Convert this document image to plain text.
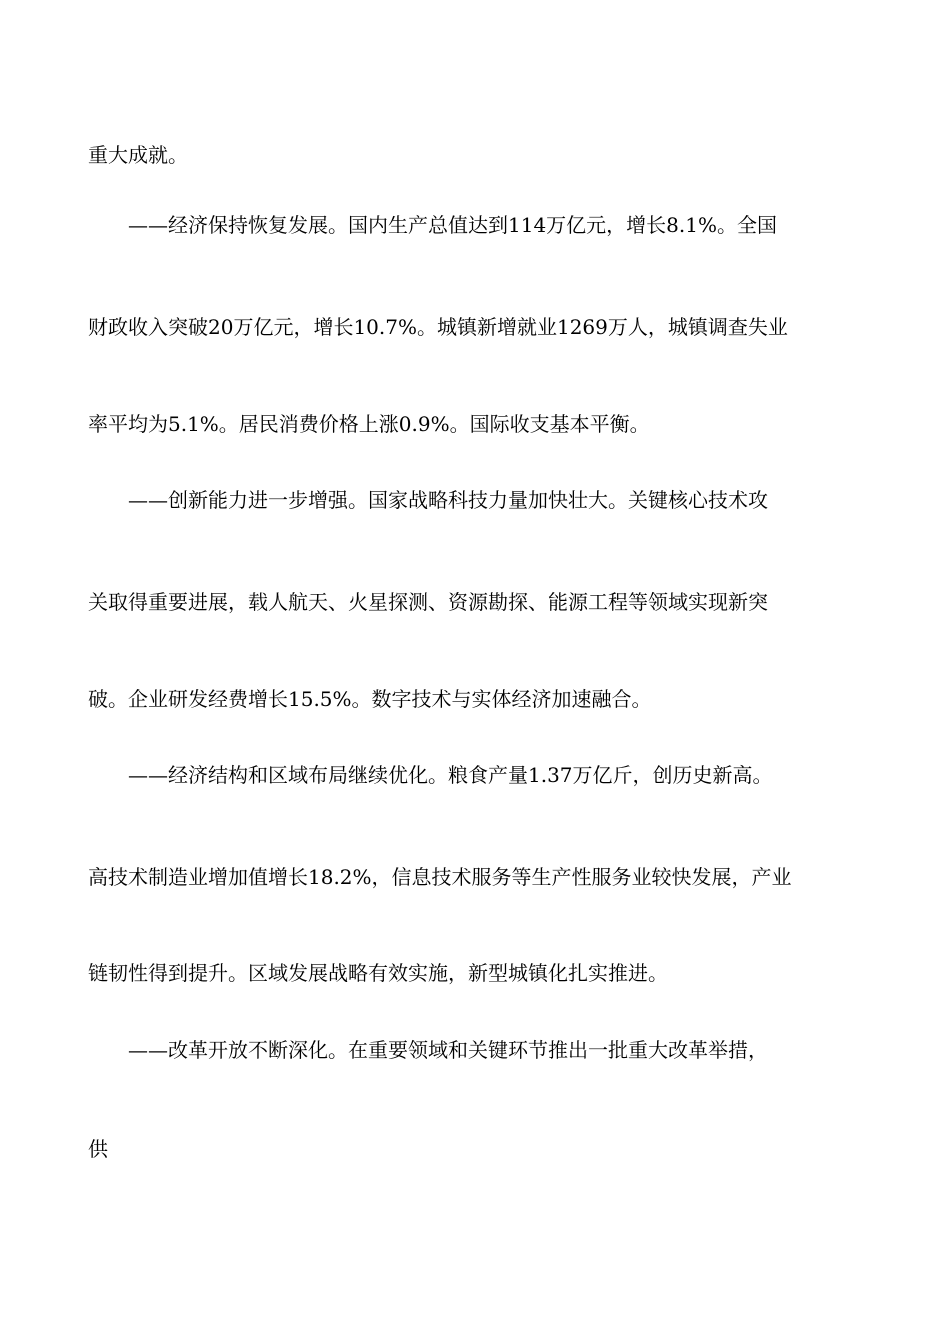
重大成就。
——经济保持恢复发展。国内生产总值达到114万亿元，增长8.1%。全国
财政收入突破20万亿元，增长10.7%。城镇新增就业1269万人，城镇调查失业
率平均为5.1%。居民消费价格上涨0.9%。国际收支基本平衡。
——创新能力进一步增强。国家战略科技力量加快壮大。关键核心技术攻
关取得重要进展，载人航天、火星探测、资源勘探、能源工程等领域实现新突
破。企业研发经费增长15.5%。数字技术与实体经济加速融合。
——经济结构和区域布局继续优化。粮食产量1.37万亿斤，创历史新高。
高技术制造业增加值增长18.2%，信息技术服务等生产性服务业较快发展，产业
链韧性得到提升。区域发展战略有效实施，新型城镇化扎实推进。
——改革开放不断深化。在重要领域和关键环节推出一批重大改革举措，
供
